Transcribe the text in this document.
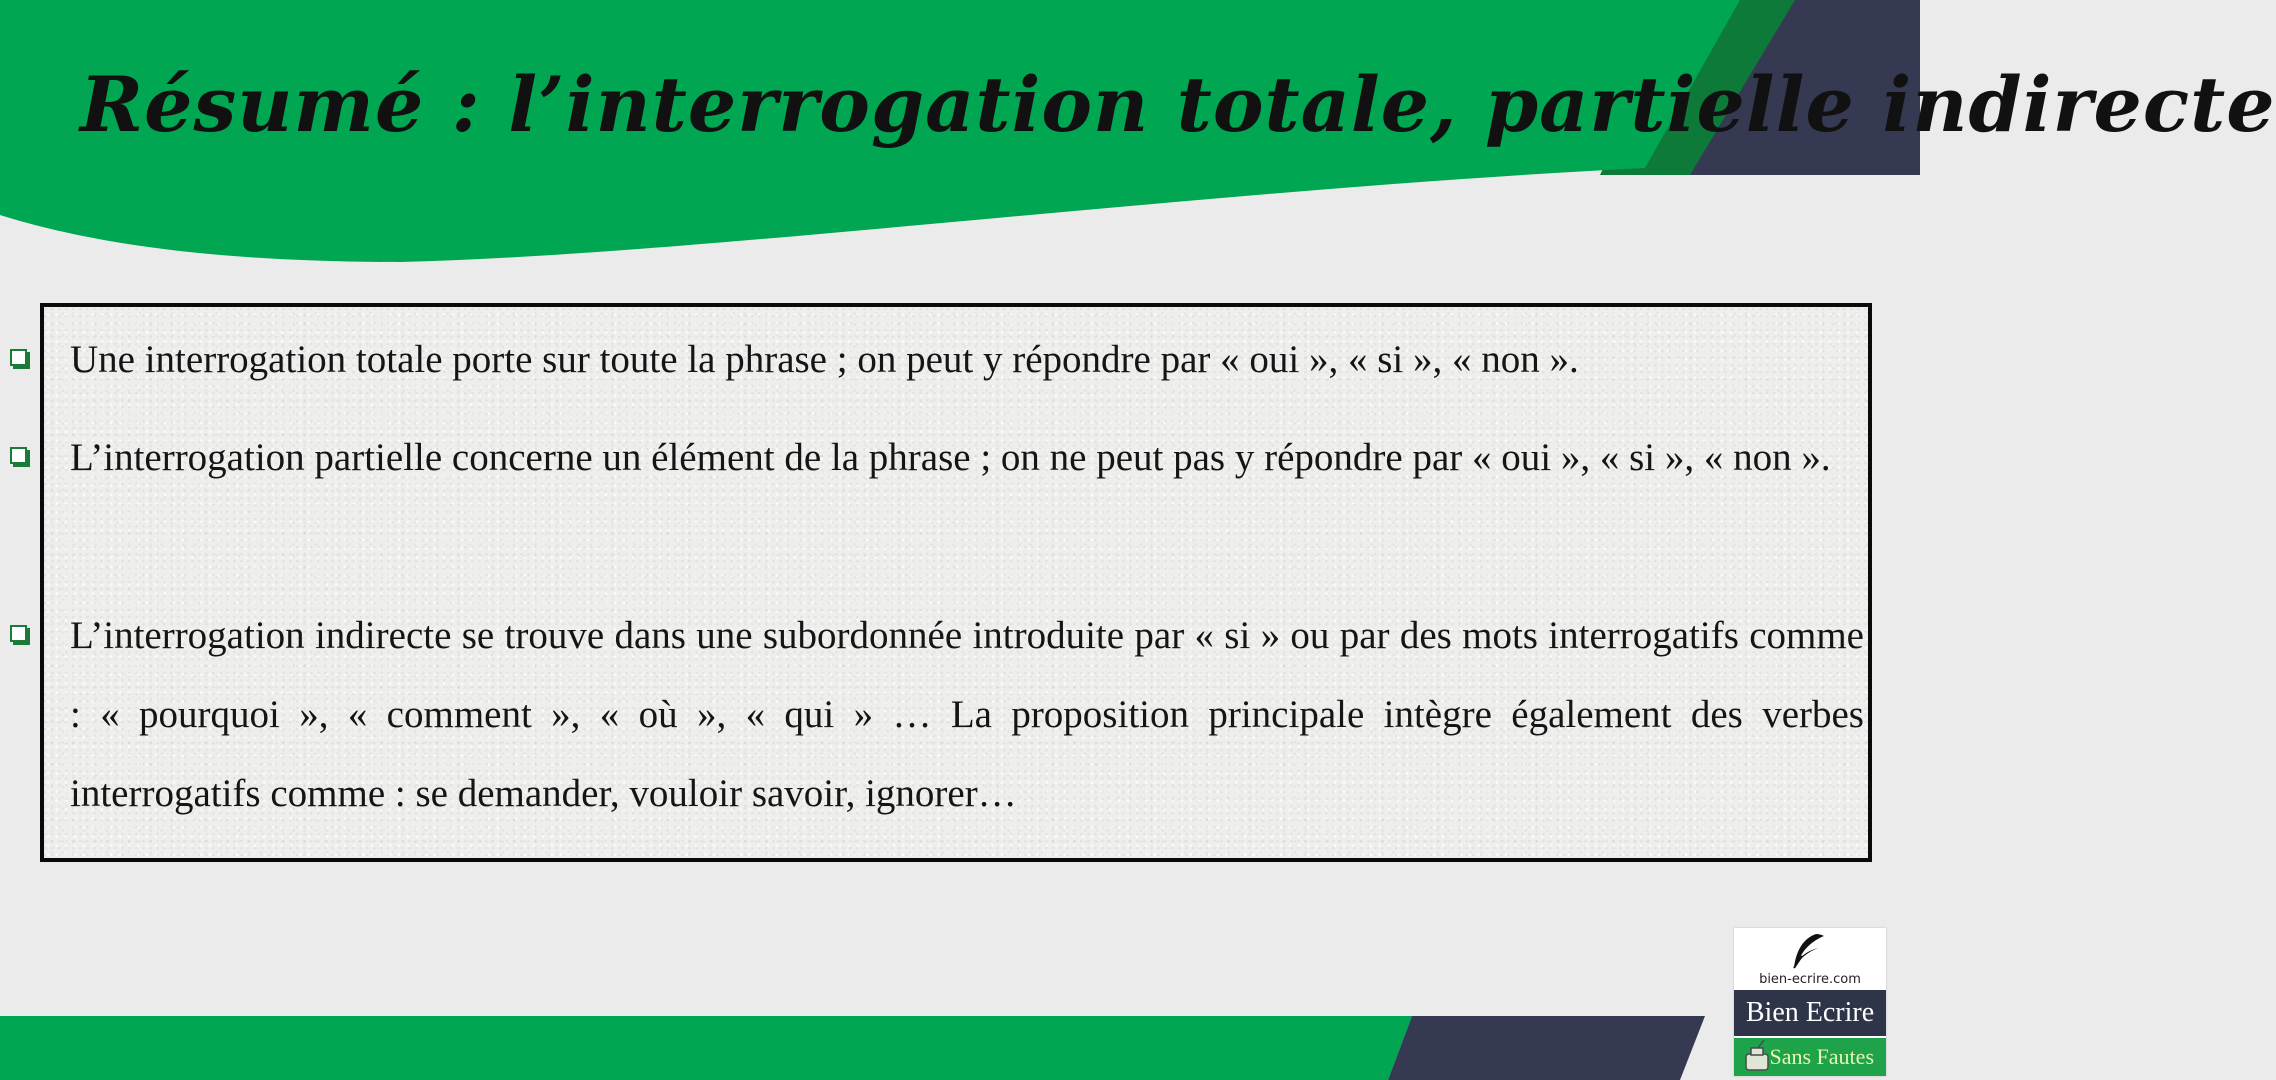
Résumé : l’interrogation totale, partielle indirecte
Une interrogation totale porte sur toute la phrase ; on peut y répondre par « oui », « si », « non ».
L’interrogation partielle concerne un élément de la phrase ; on ne peut pas y répondre par « oui », « si », « non ».
L’interrogation indirecte se trouve dans une subordonnée introduite par « si » ou par des mots interrogatifs comme : « pourquoi », « comment », « où », « qui » … La proposition principale intègre également des verbes interrogatifs comme : se demander, vouloir savoir, ignorer…
bien-ecrire.com
Bien Ecrire
Sans Fautes
